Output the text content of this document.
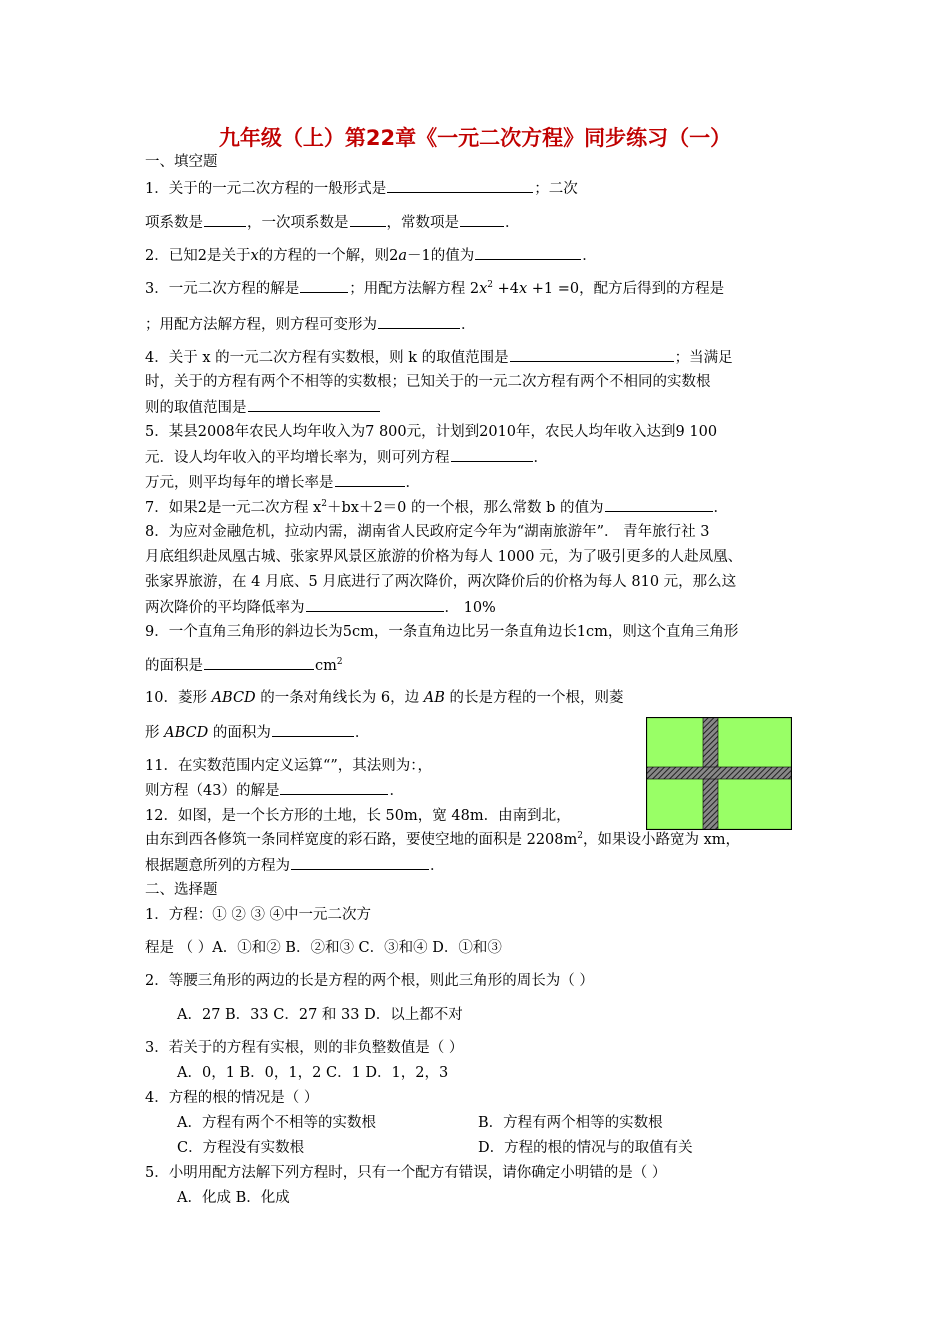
九年级（上）第22章《一元二次方程》同步练习（一）
一、填空题
1．关于的一元二次方程的一般形式是	；二次
项系数是	，一次项系数是	，常数项是	．
2．已知2是关于x的方程的一个解，则2a－1的值为	．
3．一元二次方程的解是	；用配方法解方程 $2x^2 +4x +1 =0$，配方后得到的方程是
；用配方法解方程，则方程可变形为	．
4．关于 x 的一元二次方程有实数根，则 k 的取值范围是	；当满足
时，关于的方程有两个不相等的实数根；已知关于的一元二次方程有两个不相同的实数根
则的取值范围是
5．某县2008年农民人均年收入为7 800元，计划到2010年，农民人均年收入达到9 100
元．设人均年收入的平均增长率为，则可列方程	．
万元，则平均每年的增长率是	．
7．如果2是一元二次方程 $x^2+bx+2=0$ 的一个根，那么常数 b 的值为	．
8．为应对金融危机，拉动内需，湖南省人民政府定今年为“湖南旅游年”． 青年旅行社 3
月底组织赴凤凰古城、张家界风景区旅游的价格为每人 1000 元，为了吸引更多的人赴凤凰、
张家界旅游，在 4 月底、5 月底进行了两次降价，两次降价后的价格为每人 810 元，那么这
两次降价的平均降低率为	． 10%
9．一个直角三角形的斜边长为5cm，一条直角边比另一条直角边长1cm，则这个直角三角形
的面积是	$cm^2$
10．菱形 ABCD 的一条对角线长为 6，边 AB 的长是方程的一个根，则菱
形 ABCD 的面积为	．
11．在实数范围内定义运算“”，其法则为：，
则方程（43）的解是	．
12．如图，是一个长方形的土地，长 50m，宽 48m．由南到北，
由东到西各修筑一条同样宽度的彩石路，要使空地的面积是 $2208m^2$，如果设小路宽为 xm，
根据题意所列的方程为	．
二、选择题
1．方程：① ② ③ ④中一元二次方
程是 （ ）A．①和② B．②和③ C．③和④ D．①和③
2．等腰三角形的两边的长是方程的两个根，则此三角形的周长为（ ）
A．27 B．33 C．27 和 33 D．以上都不对
3．若关于的方程有实根，则的非负整数值是（ ）
A．0，1 B．0，1，2 C．1 D．1，2，3
4．方程的根的情况是（ ）
A．方程有两个不相等的实数根	B．方程有两个相等的实数根
C．方程没有实数根	D．方程的根的情况与的取值有关
5．小明用配方法解下列方程时，只有一个配方有错误，请你确定小明错的是（ ）
A．化成 B．化成
